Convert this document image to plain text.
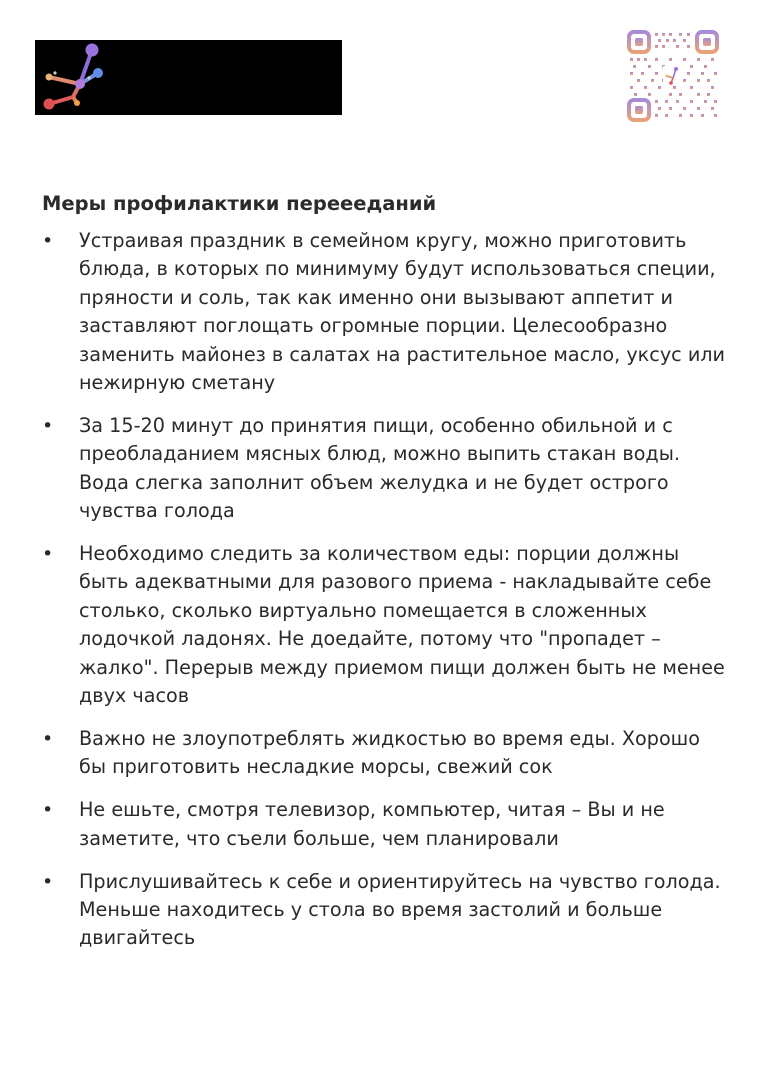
Меры профилактики переееданий
• Устраивая праздник в семейном кругу, можно приготовить блюда, в которых по минимуму будут использоваться специи, пряности и соль, так как именно они вызывают аппетит и заставляют поглощать огромные порции. Целесообразно заменить майонез в салатах на растительное масло, уксус или нежирную сметану
• За 15-20 минут до принятия пищи, особенно обильной и с преобладанием мясных блюд, можно выпить стакан воды. Вода слегка заполнит объем желудка и не будет острого чувства голода
• Необходимо следить за количеством еды: порции должны быть адекватными для разового приема - накладывайте себе столько, сколько виртуально помещается в сложенных лодочкой ладонях. Не доедайте, потому что "пропадет – жалко". Перерыв между приемом пищи должен быть не менее двух часов
• Важно не злоупотреблять жидкостью во время еды. Хорошо бы приготовить несладкие морсы, свежий сок
• Не ешьте, смотря телевизор, компьютер, читая – Вы и не заметите, что съели больше, чем планировали
• Прислушивайтесь к себе и ориентируйтесь на чувство голода. Меньше находитесь у стола во время застолий и больше двигайтесь
